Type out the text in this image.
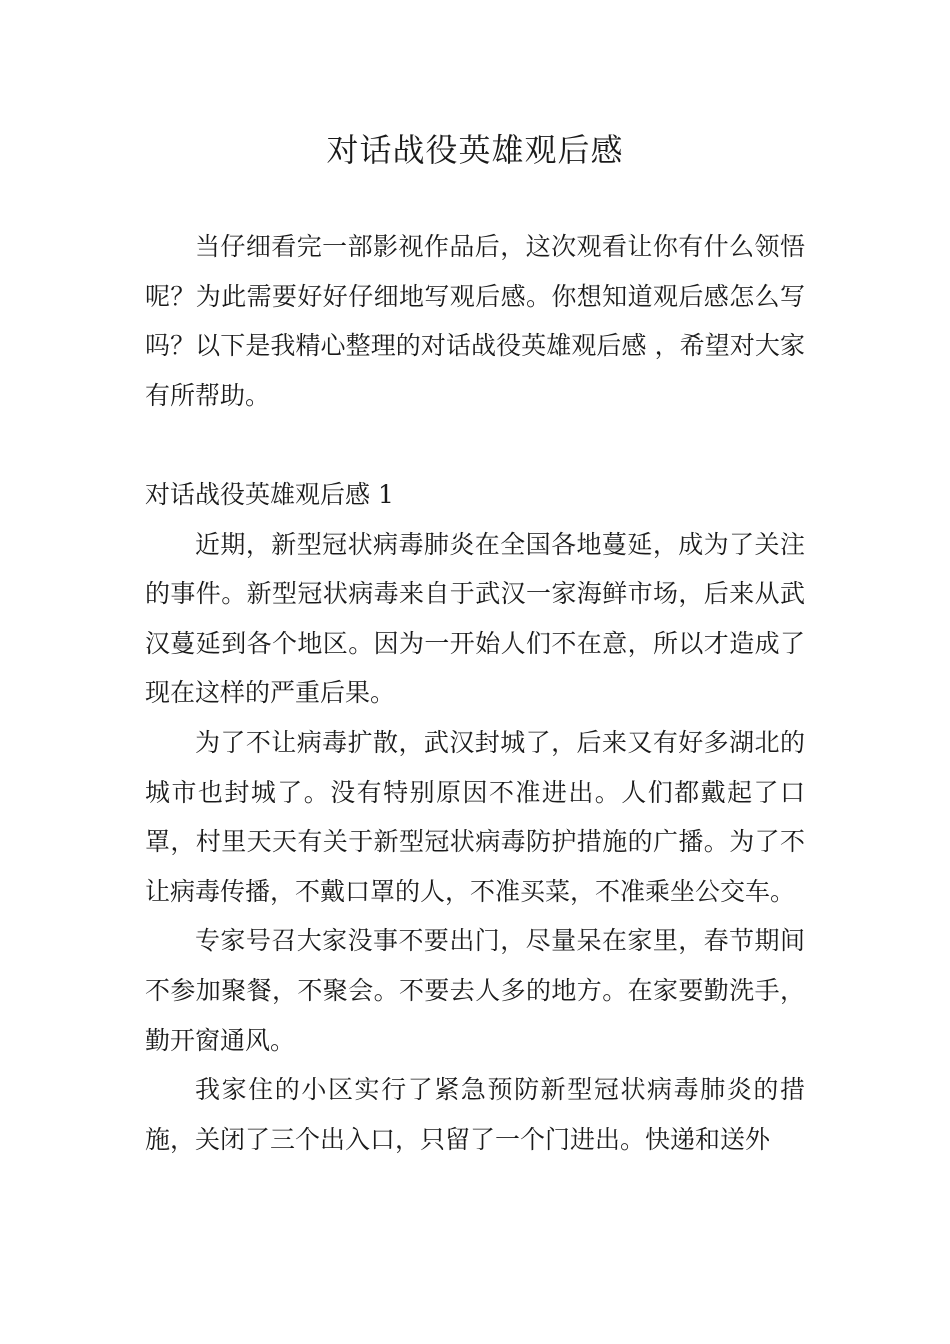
对话战役英雄观后感

当仔细看完一部影视作品后，这次观看让你有什么领悟呢？为此需要好好仔细地写观后感。你想知道观后感怎么写吗？以下是我精心整理的对话战役英雄观后感 ，希望对大家有所帮助。

对话战役英雄观后感 1

近期，新型冠状病毒肺炎在全国各地蔓延，成为了关注的事件。新型冠状病毒来自于武汉一家海鲜市场，后来从武汉蔓延到各个地区。因为一开始人们不在意，所以才造成了现在这样的严重后果。

为了不让病毒扩散，武汉封城了，后来又有好多湖北的城市也封城了。没有特别原因不准进出。人们都戴起了口罩，村里天天有关于新型冠状病毒防护措施的广播。为了不让病毒传播，不戴口罩的人，不准买菜，不准乘坐公交车。

专家号召大家没事不要出门，尽量呆在家里，春节期间不参加聚餐，不聚会。不要去人多的地方。在家要勤洗手，勤开窗通风。

我家住的小区实行了紧急预防新型冠状病毒肺炎的措施，关闭了三个出入口，只留了一个门进出。快递和送外
